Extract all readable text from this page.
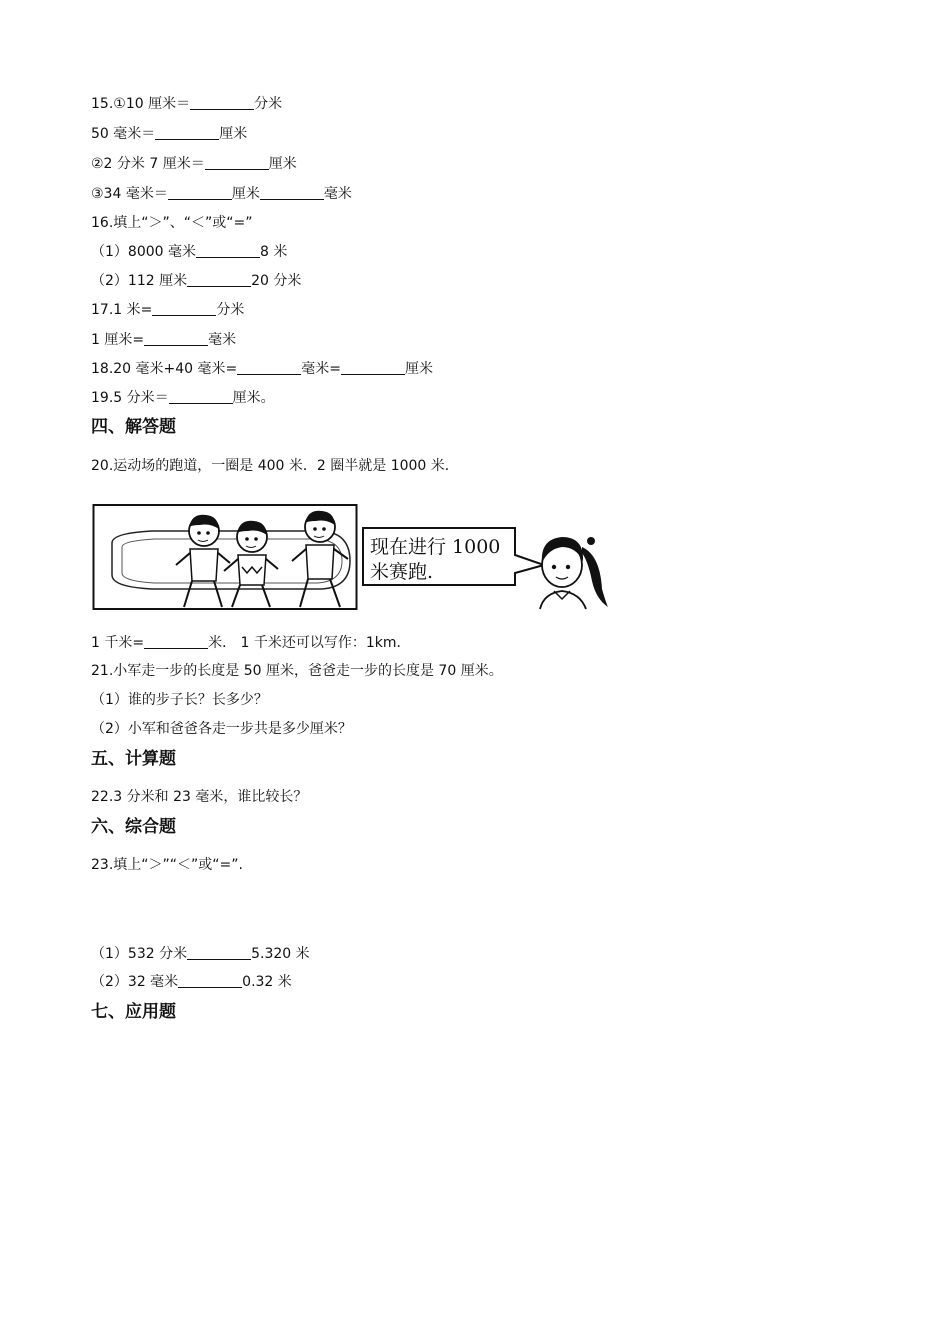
15.①10 厘米＝	分米
50 毫米＝	厘米
②2 分米 7 厘米＝	厘米
③34 毫米＝	厘米	毫米
16.填上“＞”、“＜”或“=”
（1）8000 毫米	8 米
（2）112 厘米	20 分米
17.1 米=	分米
1 厘米=	毫米
18.20 毫米+40 毫米=	毫米=	厘米
19.5 分米＝	厘米。
四、解答题
20.运动场的跑道，一圈是 400 米．2 圈半就是 1000 米．
现在进行 1000
米赛跑.
1 千米=	米． 1 千米还可以写作：1km．
21.小军走一步的长度是 50 厘米，爸爸走一步的长度是 70 厘米。
（1）谁的步子长？长多少？
（2）小军和爸爸各走一步共是多少厘米？
五、计算题
22.3 分米和 23 毫米，谁比较长？
六、综合题
23.填上“＞”“＜”或“=”.
（1）532 分米	5.320 米
（2）32 毫米	0.32 米
七、应用题
